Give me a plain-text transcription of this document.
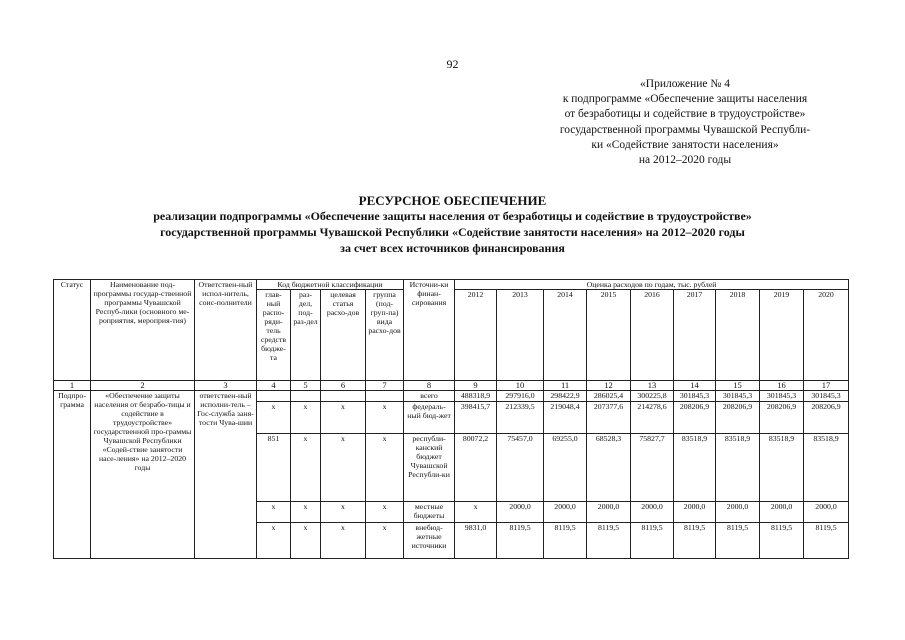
92
«Приложение № 4
к подпрограмме «Обеспечение защиты населения
от безработицы и содействие в трудоустройстве»
государственной программы Чувашской Республи-
ки «Содействие занятости населения»
на 2012–2020 годы
РЕСУРСНОЕ ОБЕСПЕЧЕНИЕ
реализации подпрограммы «Обеспечение защиты населения от безработицы и содействие в трудоустройстве»
государственной программы Чувашской Республики «Содействие занятости населения» на 2012–2020 годы
за счет всех источников финансирования
Статус	Наименование под-программы государ-ственной программы Чувашской Респуб-лики (основного ме-роприятия, мероприя-тия)	Ответствен-ный испол-нитель, соис-полнители	Код бюджетной классификации				Источни-ки финан-сирования	Оценка расходов по годам, тыс. рублей								
			глав-ный распо-ряди-тель средств бюдже-та	раз-дел, под-раз-дел	целевая статья расхо-дов	группа (под-груп-па) вида расхо-дов		2012	2013	2014	2015	2016	2017	2018	2019	2020

1	2	3	4	5	6	7	8	9	10	11	12	13	14	15	16	17
Подпро-грамма	«Обеспечение защиты населения от безрабо-тицы и содействие в трудоустройстве» государственной про-граммы Чувашской Республики «Содей-ствие занятости насе-ления» на 2012–2020 годы	ответствен-ный исполни-тель – Гос-служба заня-тости Чува-шии					всего	488318,9	297916,0	298422,9	286025,4	300225,8	301845,3	301845,3	301845,3	301845,3
			x	x	x	x	федераль-ный бюд-жет	398415,7	212339,5	219048,4	207377,6	214278,6	208206,9	208206,9	208206,9	208206,9
			851	x	x	x	республи-канский бюджет Чувашской Республи-ки	80072,2	75457,0	69255,0	68528,3	75827,7	83518,9	83518,9	83518,9	83518,9
			x	x	x	x	местные бюджеты	x	2000,0	2000,0	2000,0	2000,0	2000,0	2000,0	2000,0	2000,0
			x	x	x	x	внебюд-жетные источники	9831,0	8119,5	8119,5	8119,5	8119,5	8119,5	8119,5	8119,5	8119,5
